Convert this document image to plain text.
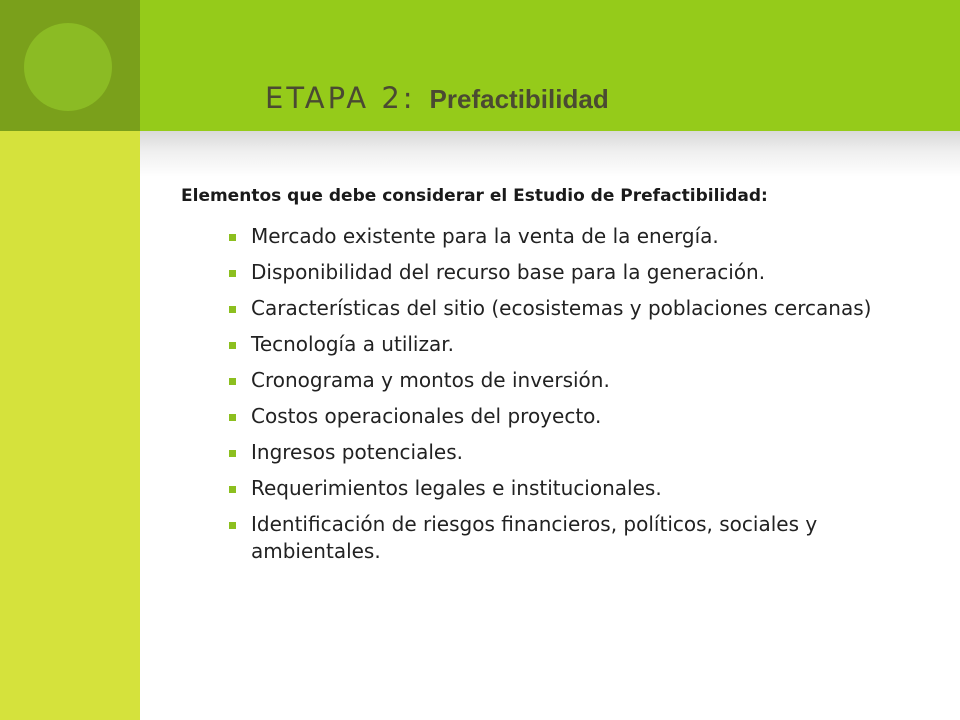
ETAPA 2: Prefactibilidad

Elementos que debe considerar el Estudio de Prefactibilidad:

Mercado existente para la venta de la energía.
Disponibilidad del recurso base para la generación.
Características del sitio (ecosistemas y poblaciones cercanas)
Tecnología a utilizar.
Cronograma y montos de inversión.
Costos operacionales del proyecto.
Ingresos potenciales.
Requerimientos legales e institucionales.
Identificación de riesgos financieros, políticos, sociales y ambientales.
